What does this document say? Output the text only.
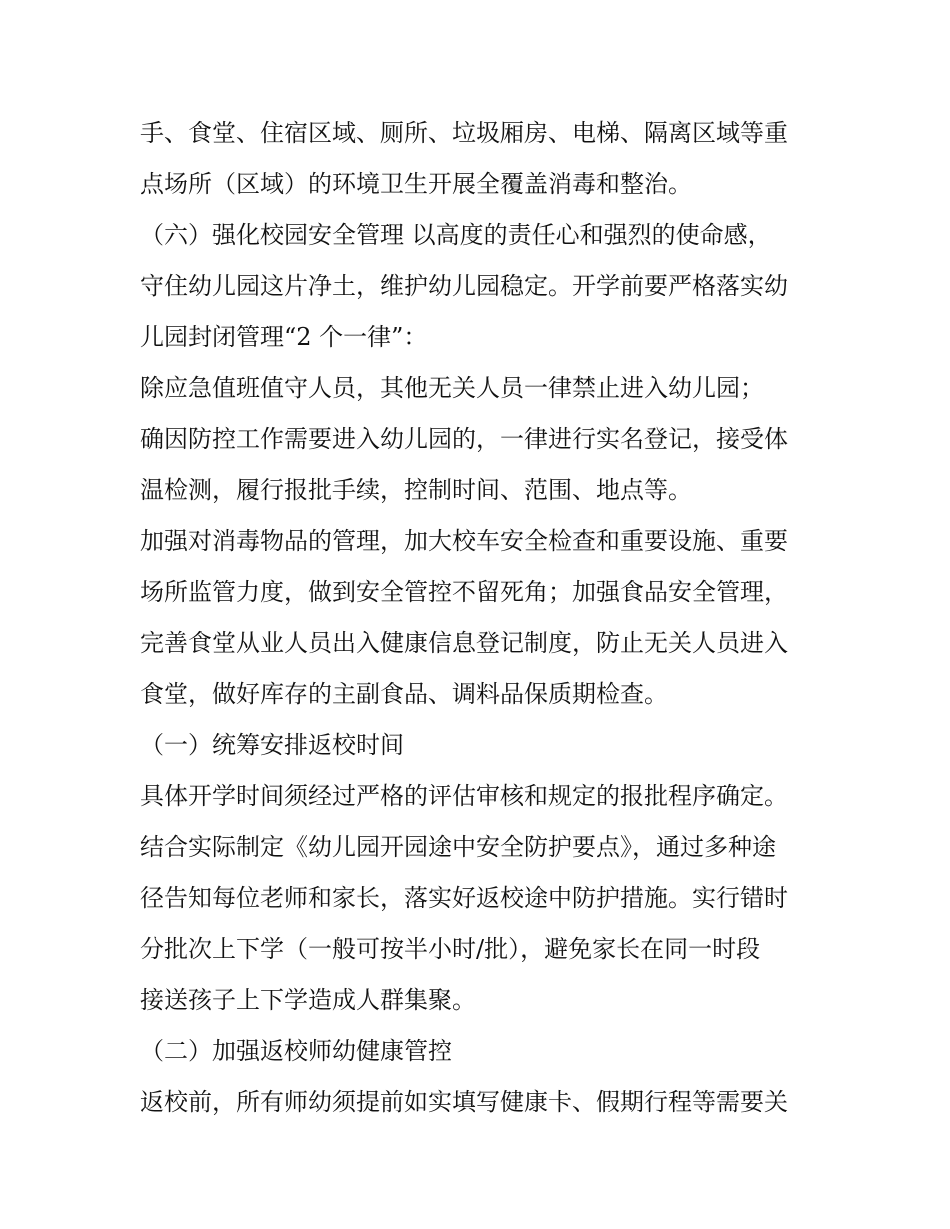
手、食堂、住宿区域、厕所、垃圾厢房、电梯、隔离区域等重

点场所（区域）的环境卫生开展全覆盖消毒和整治。

（六）强化校园安全管理 以高度的责任心和强烈的使命感，

守住幼儿园这片净土，维护幼儿园稳定。开学前要严格落实幼

儿园封闭管理“2 个一律”：

除应急值班值守人员，其他无关人员一律禁止进入幼儿园；

确因防控工作需要进入幼儿园的，一律进行实名登记，接受体

温检测，履行报批手续，控制时间、范围、地点等。

加强对消毒物品的管理，加大校车安全检查和重要设施、重要

场所监管力度，做到安全管控不留死角；加强食品安全管理，

完善食堂从业人员出入健康信息登记制度，防止无关人员进入

食堂，做好库存的主副食品、调料品保质期检查。

（一）统筹安排返校时间

具体开学时间须经过严格的评估审核和规定的报批程序确定。

结合实际制定《幼儿园开园途中安全防护要点》，通过多种途

径告知每位老师和家长，落实好返校途中防护措施。实行错时

分批次上下学（一般可按半小时/批），避免家长在同一时段

接送孩子上下学造成人群集聚。

（二）加强返校师幼健康管控

返校前，所有师幼须提前如实填写健康卡、假期行程等需要关
